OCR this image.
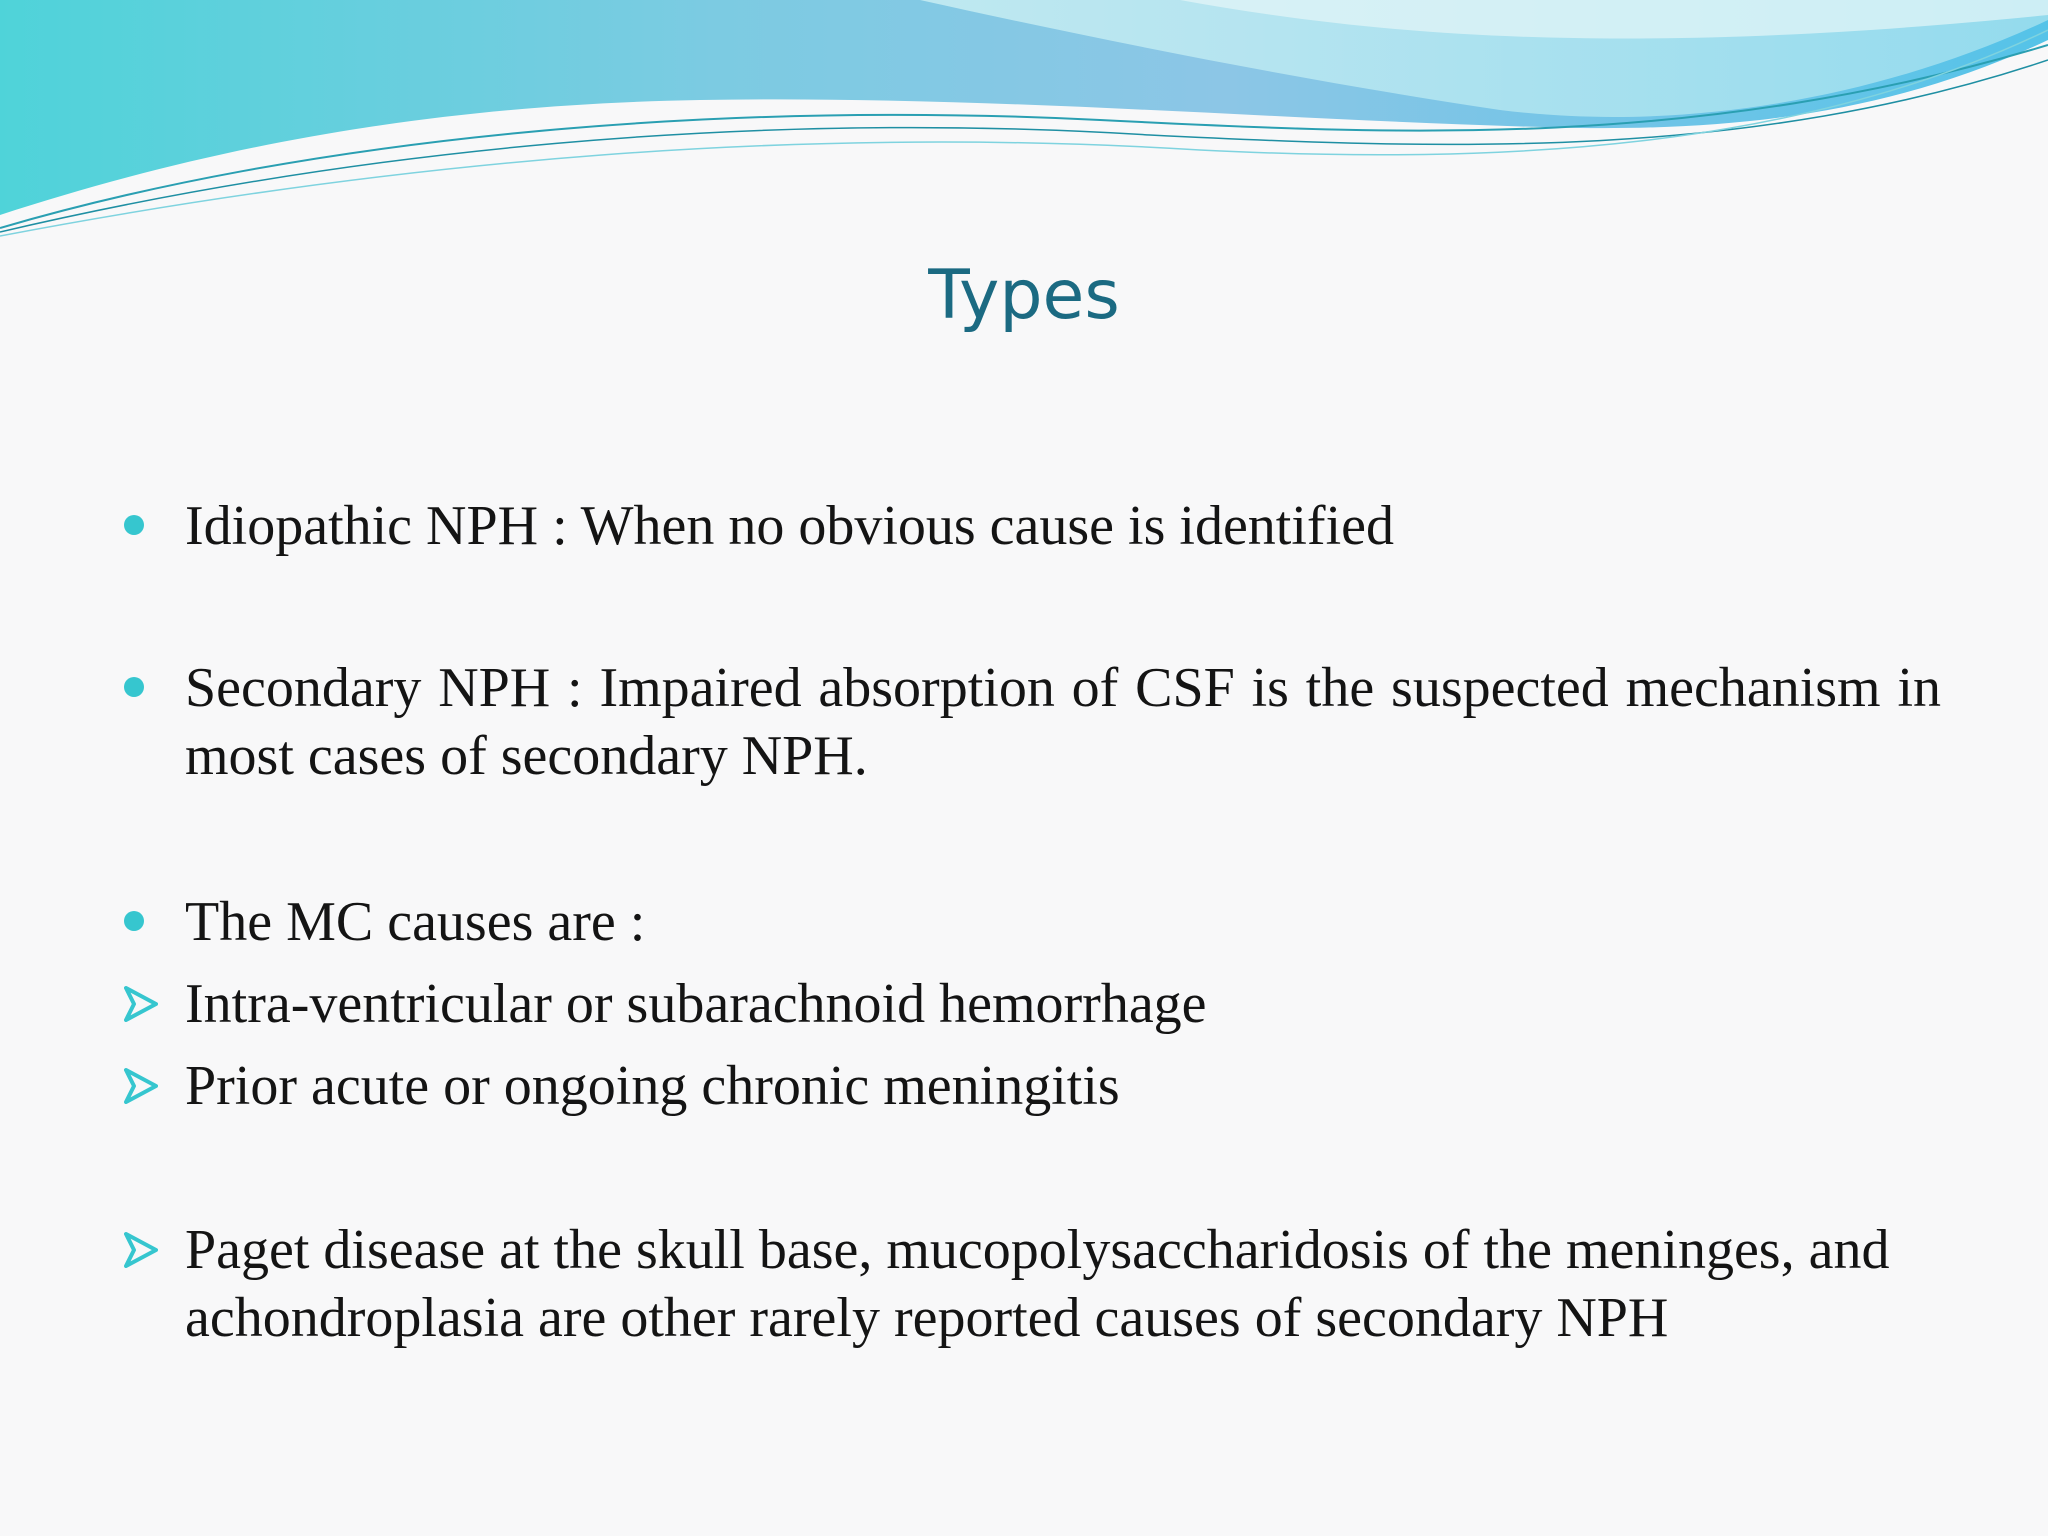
Types
Idiopathic NPH : When no obvious cause is identified
Secondary NPH : Impaired absorption of CSF is the suspected mechanism in most cases of secondary NPH.
The MC causes are :
Intra-ventricular or subarachnoid hemorrhage
Prior acute or ongoing chronic meningitis
Paget disease at the skull base, mucopolysaccharidosis of the meninges, and achondroplasia are other rarely reported causes of secondary NPH
